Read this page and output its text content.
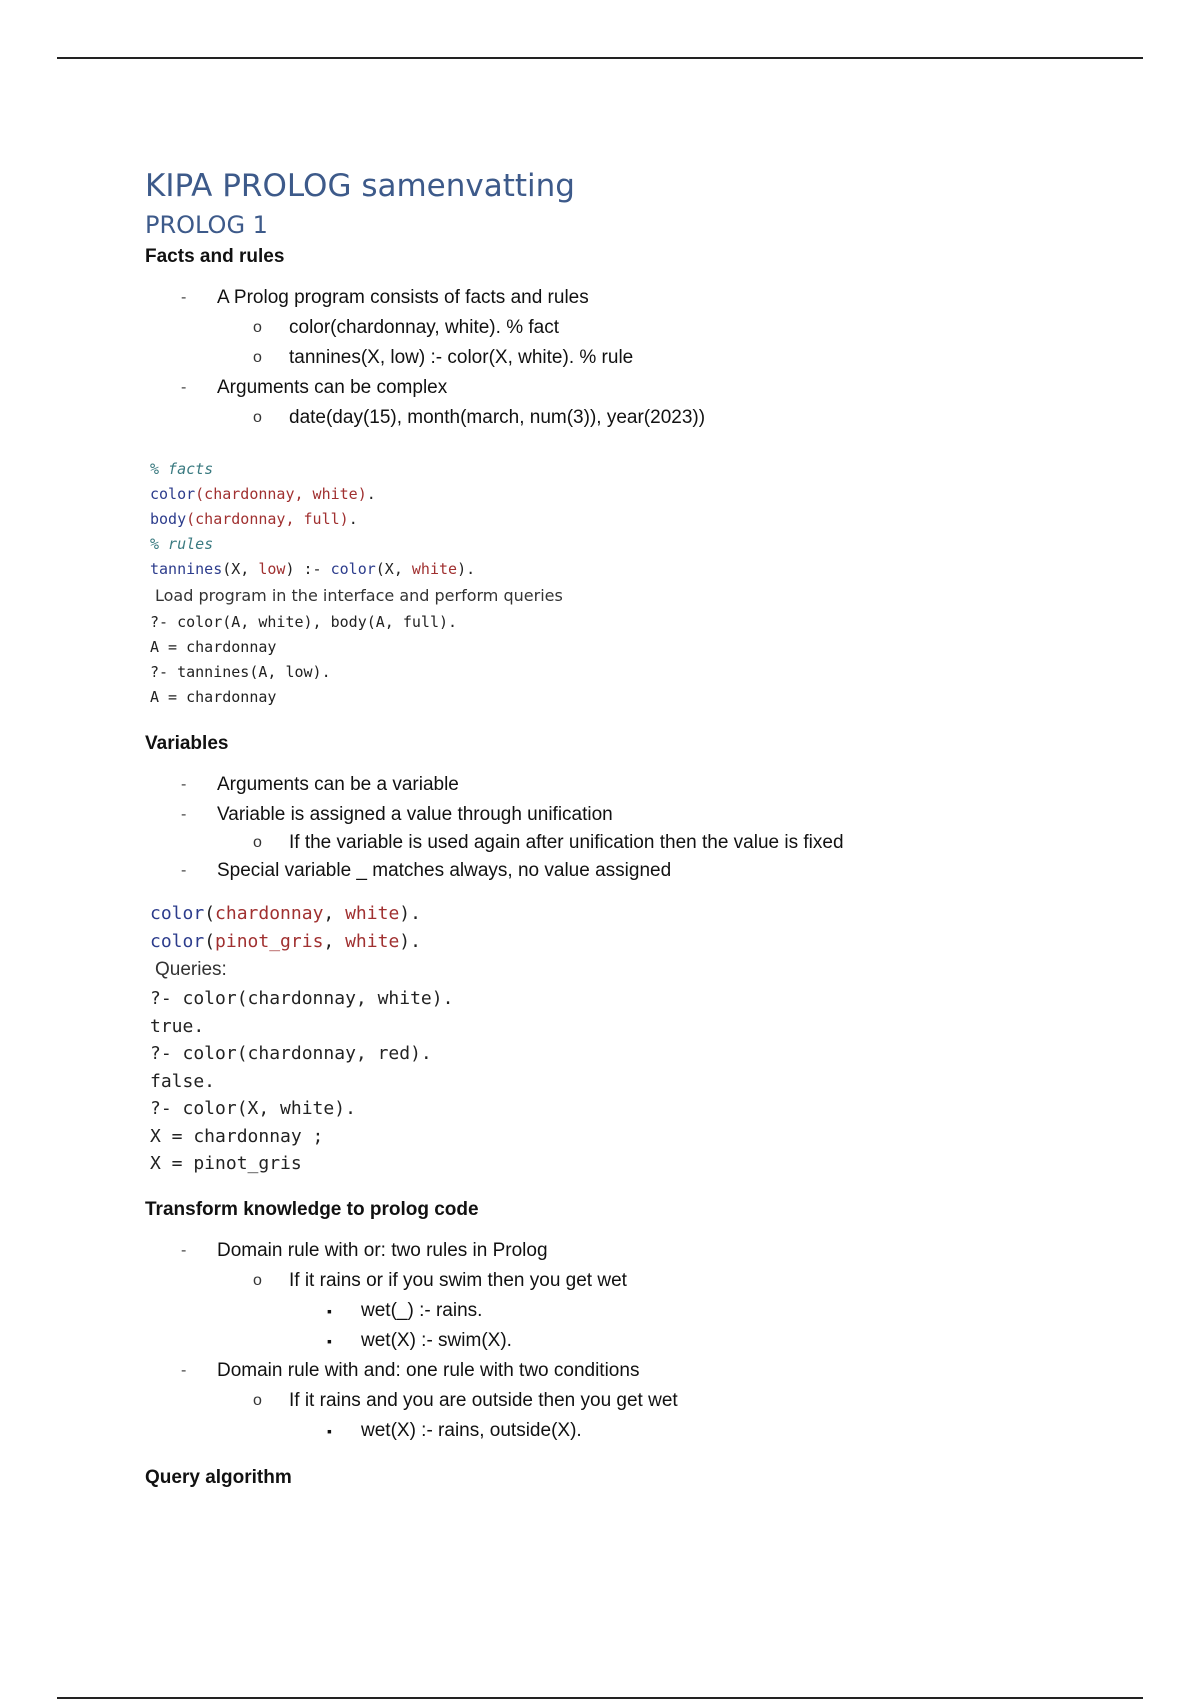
KIPA PROLOG samenvatting
PROLOG 1
Facts and rules
- A Prolog program consists of facts and rules
o color(chardonnay, white). % fact
o tannines(X, low) :- color(X, white). % rule
- Arguments can be complex
o date(day(15), month(march, num(3)), year(2023))
% facts
color(chardonnay, white).
body(chardonnay, full).
% rules
tannines(X, low) :- color(X, white).
Load program in the interface and perform queries
?- color(A, white), body(A, full).
A = chardonnay
?- tannines(A, low).
A = chardonnay
Variables
- Arguments can be a variable
- Variable is assigned a value through unification
o If the variable is used again after unification then the value is fixed
- Special variable _ matches always, no value assigned
color(chardonnay, white).
color(pinot_gris, white).
Queries:
?- color(chardonnay, white).
true.
?- color(chardonnay, red).
false.
?- color(X, white).
X = chardonnay ;
X = pinot_gris
Transform knowledge to prolog code
- Domain rule with or: two rules in Prolog
o If it rains or if you swim then you get wet
▪ wet(_) :- rains.
▪ wet(X) :- swim(X).
- Domain rule with and: one rule with two conditions
o If it rains and you are outside then you get wet
▪ wet(X) :- rains, outside(X).
Query algorithm
